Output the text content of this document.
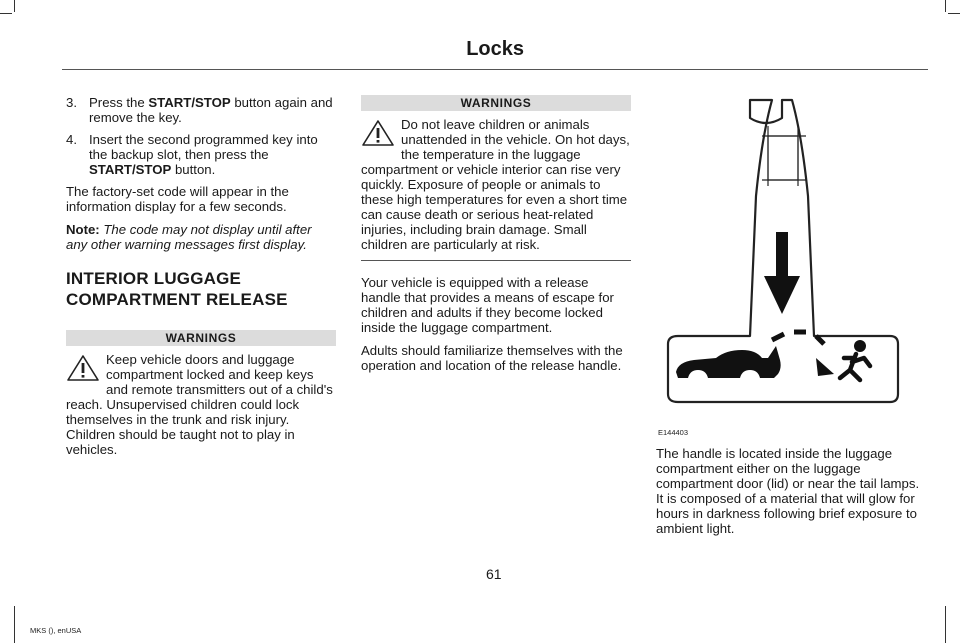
Locks
3. Press the START/STOP button again and remove the key.
4. Insert the second programmed key into the backup slot, then press the START/STOP button.

The factory-set code will appear in the information display for a few seconds.

Note: The code may not display until after any other warning messages first display.

INTERIOR LUGGAGE
COMPARTMENT RELEASE
WARNINGS
Keep vehicle doors and luggage compartment locked and keep keys and remote transmitters out of a child's reach. Unsupervised children could lock themselves in the trunk and risk injury. Children should be taught not to play in vehicles.
WARNINGS
Do not leave children or animals unattended in the vehicle. On hot days, the temperature in the luggage compartment or vehicle interior can rise very quickly. Exposure of people or animals to these high temperatures for even a short time can cause death or serious heat-related injuries, including brain damage. Small children are particularly at risk.

Your vehicle is equipped with a release handle that provides a means of escape for children and adults if they become locked inside the luggage compartment.

Adults should familiarize themselves with the operation and location of the release handle.

E144403

The handle is located inside the luggage compartment either on the luggage compartment door (lid) or near the tail lamps. It is composed of a material that will glow for hours in darkness following brief exposure to ambient light.

61
MKS (), enUSA
